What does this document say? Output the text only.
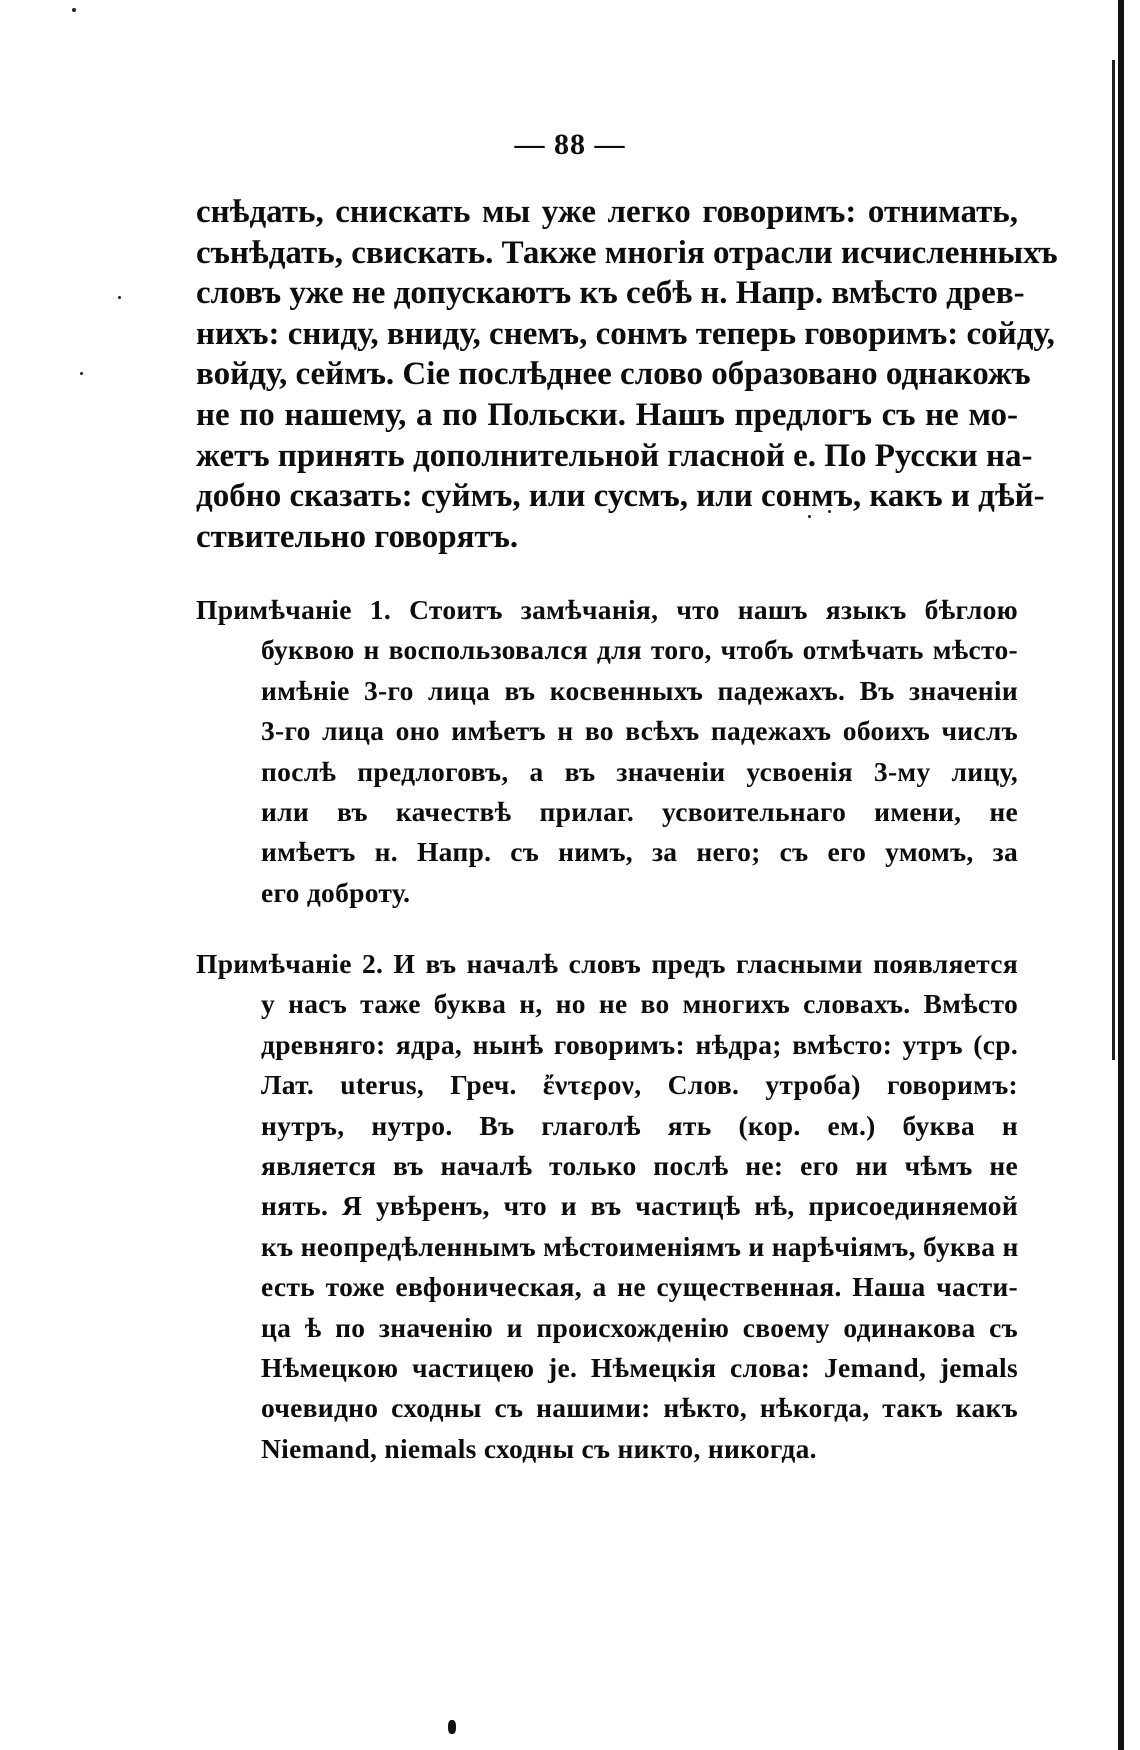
— 88 —
снѣдать, снискать мы уже легко говоримъ: отнимать,
сънѣдать, свискать. Также многія отрасли исчисленныхъ
словъ уже не допускаютъ къ себѣ н. Напр. вмѣсто древ-
нихъ: сниду, вниду, снемъ, сонмъ теперь говоримъ: сойду,
войду, сеймъ. Сіе послѣднее слово образовано однакожъ
не по нашему, а по Польски. Нашъ предлогъ съ не мо-
жетъ принять дополнительной гласной е. По Русски на-
добно сказать: суймъ, или сусмъ, или сонмъ, какъ и дѣй-
ствительно говорятъ.
Примѣчаніе 1. Стоитъ замѣчанія, что нашъ языкъ бѣглою
буквою н воспользовался для того, чтобъ отмѣчать мѣсто-
имѣніе 3-го лица въ косвенныхъ падежахъ. Въ значеніи
3-го лица оно имѣетъ н во всѣхъ падежахъ обоихъ числъ
послѣ предлоговъ, а въ значеніи усвоенія 3-му лицу,
или въ качествѣ прилаг. усвоительнаго имени, не
имѣетъ н. Напр. съ нимъ, за него; съ его умомъ, за
его доброту.
Примѣчаніе 2. И въ началѣ словъ предъ гласными появляется
у насъ таже буква н, но не во многихъ словахъ. Вмѣсто
древняго: ядра, нынѣ говоримъ: нѣдра; вмѣсто: утръ (ср.
Лат. uterus, Греч. ἔντερον, Слов. утроба) говоримъ:
нутръ, нутро. Въ глаголѣ ять (кор. ем.) буква н
является въ началѣ только послѣ не: его ни чѣмъ не
нять. Я увѣренъ, что и въ частицѣ нѣ, присоединяемой
къ неопредѣленнымъ мѣстоименіямъ и нарѣчіямъ, буква н
есть тоже евфоническая, а не существенная. Наша части-
ца ѣ по значенію и происхожденію своему одинакова съ
Нѣмецкою частицею je. Нѣмецкія слова: Jemand, jemals
очевидно сходны съ нашими: нѣкто, нѣкогда, такъ какъ
Niemand, niemals сходны съ никто, никогда.
